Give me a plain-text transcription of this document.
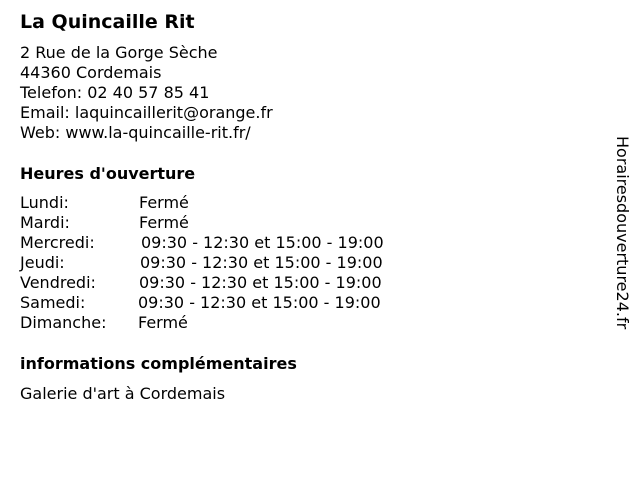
La Quincaille Rit
2 Rue de la Gorge Sèche
44360 Cordemais
Telefon: 02 40 57 85 41
Email: laquincaillerit@orange.fr
Web: www.la-quincaille-rit.fr/
Heures d'ouverture
Lundi:	Fermé
Mardi:	Fermé
Mercredi:	09:30 - 12:30 et 15:00 - 19:00
Jeudi:	09:30 - 12:30 et 15:00 - 19:00
Vendredi:	09:30 - 12:30 et 15:00 - 19:00
Samedi:	09:30 - 12:30 et 15:00 - 19:00
Dimanche: Fermé
informations complémentaires
Galerie d'art à Cordemais
Horairesdouverture24.fr
